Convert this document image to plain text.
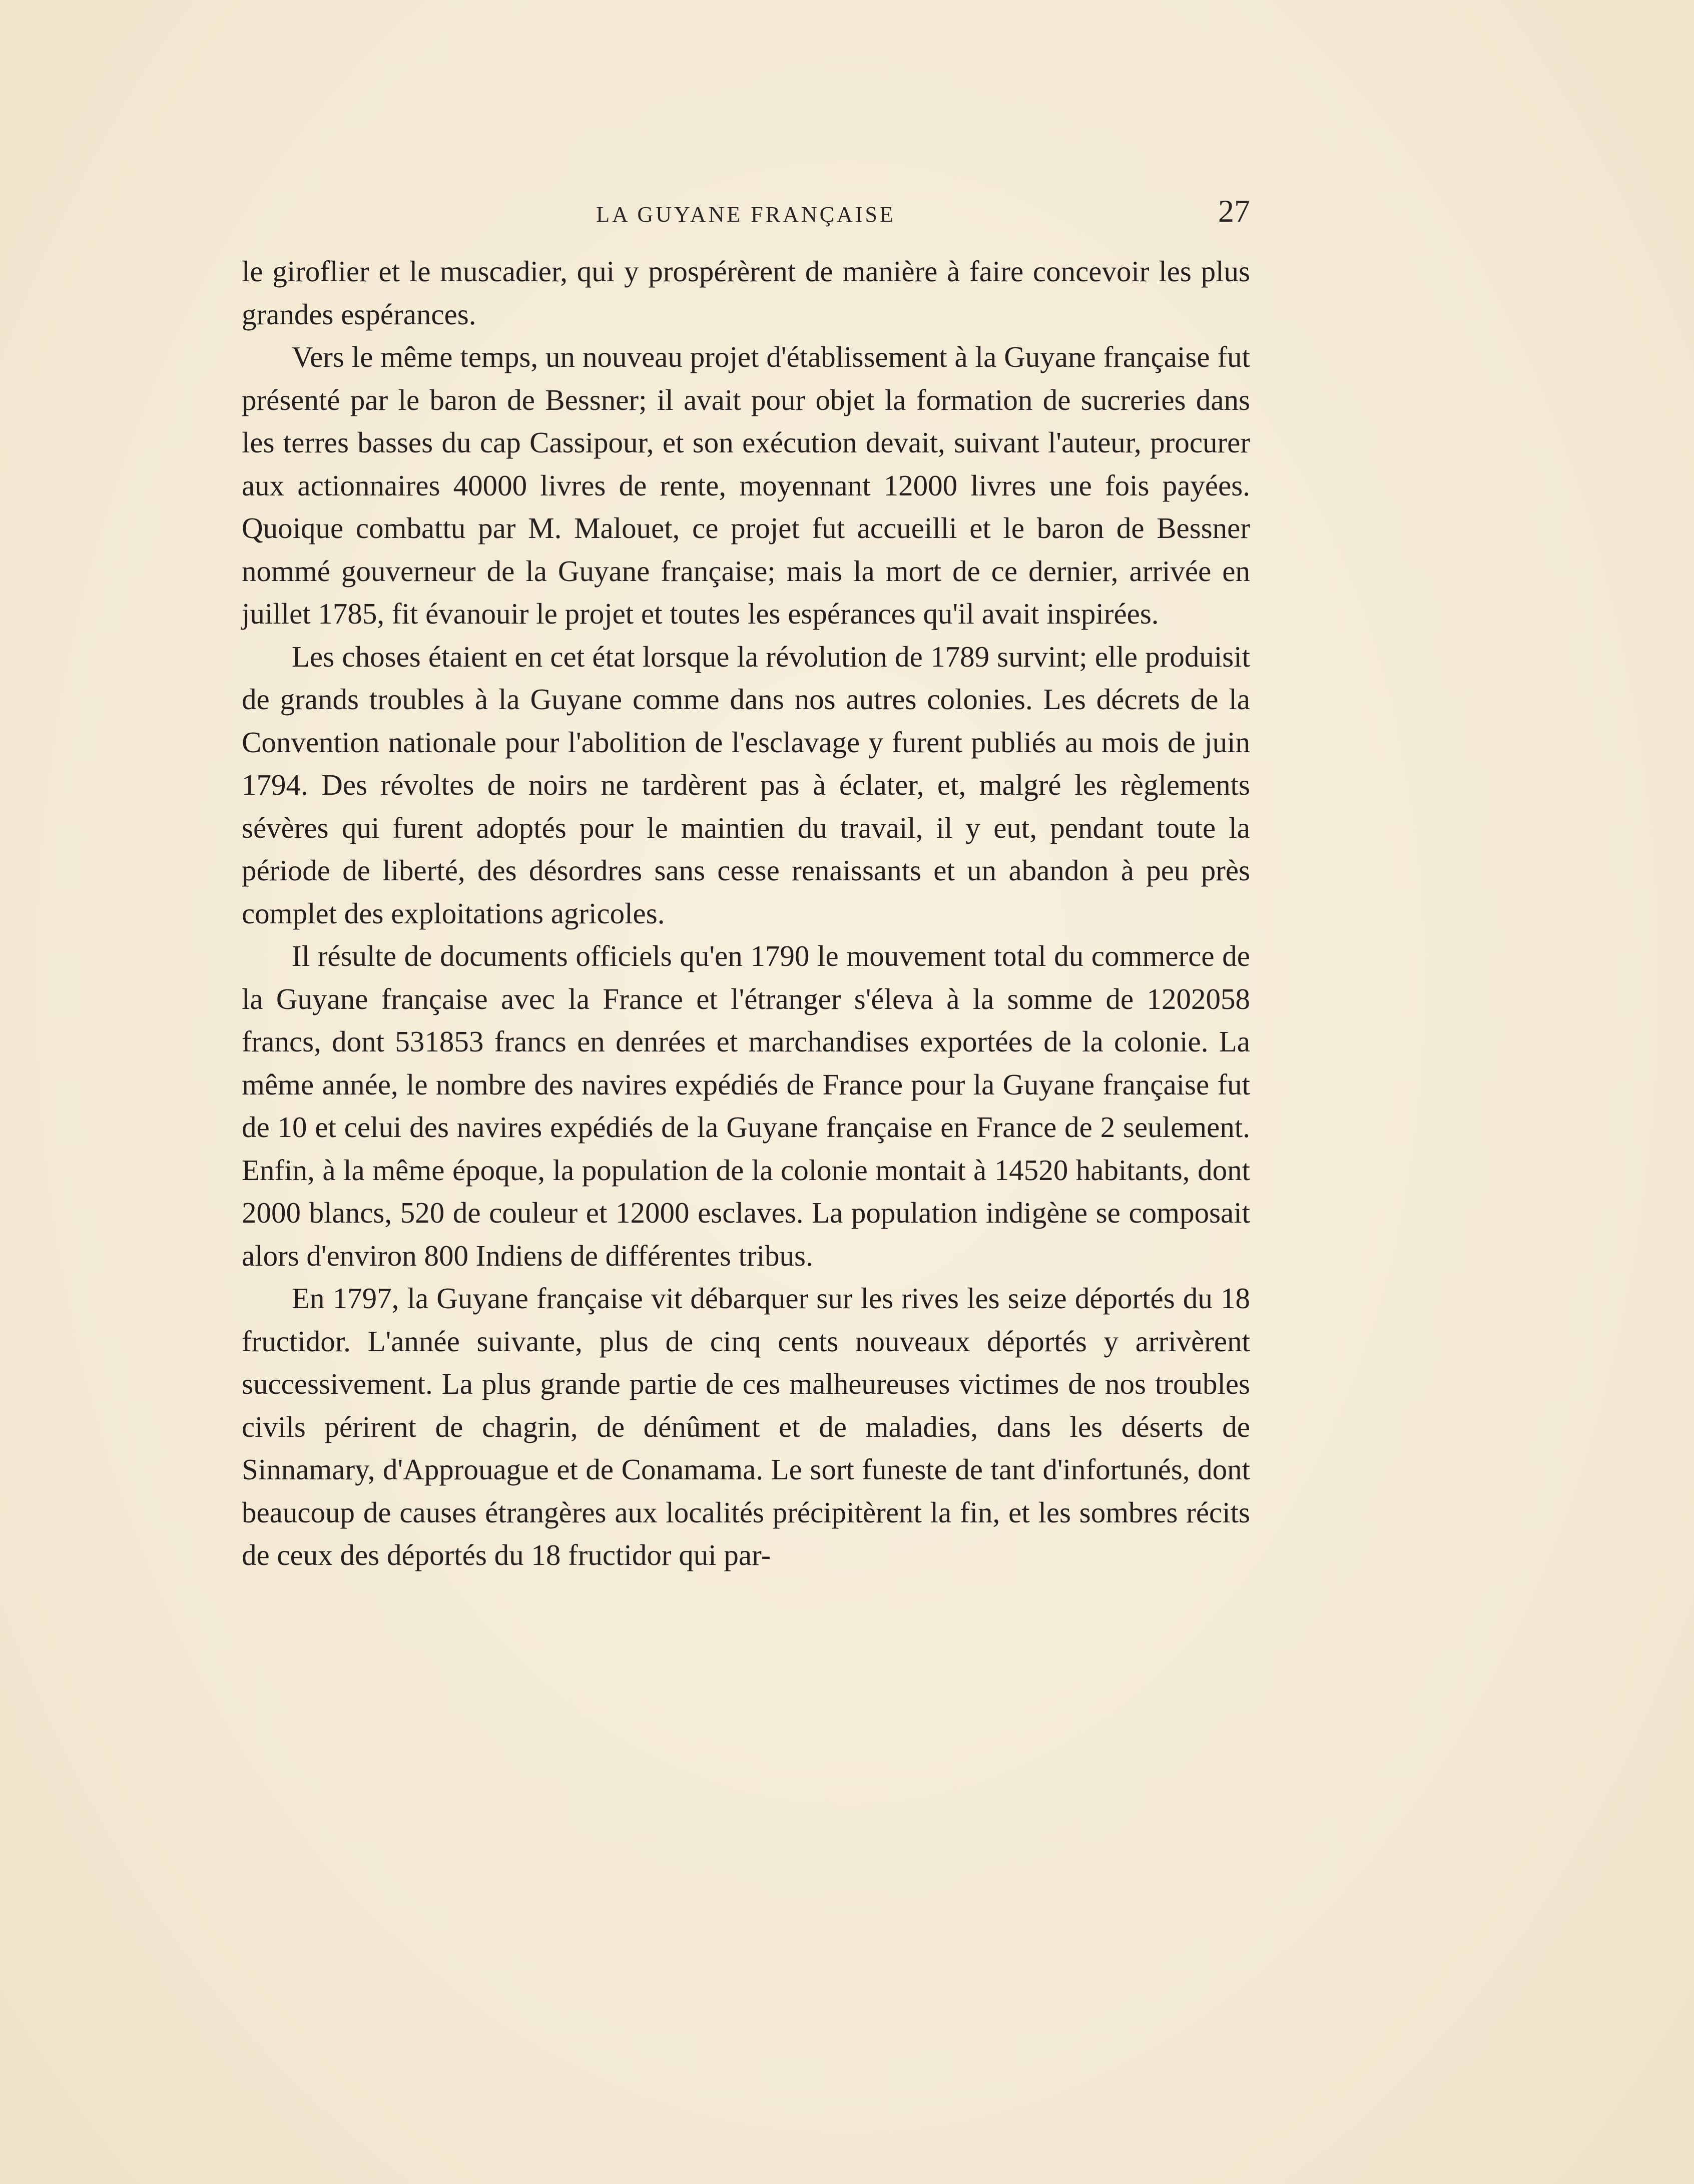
LA GUYANE FRANÇAISE	27

le giroflier et le muscadier, qui y prospérèrent de manière à faire concevoir les plus grandes espérances.

Vers le même temps, un nouveau projet d'établissement à la Guyane française fut présenté par le baron de Bessner; il avait pour objet la formation de sucreries dans les terres basses du cap Cassipour, et son exécution devait, suivant l'auteur, procurer aux actionnaires 40000 livres de rente, moyennant 12000 livres une fois payées. Quoique combattu par M. Malouet, ce projet fut accueilli et le baron de Bessner nommé gouverneur de la Guyane française; mais la mort de ce dernier, arrivée en juillet 1785, fit évanouir le projet et toutes les espérances qu'il avait inspirées.

Les choses étaient en cet état lorsque la révolution de 1789 survint; elle produisit de grands troubles à la Guyane comme dans nos autres colonies. Les décrets de la Convention nationale pour l'abolition de l'esclavage y furent publiés au mois de juin 1794. Des révoltes de noirs ne tardèrent pas à éclater, et, malgré les règlements sévères qui furent adoptés pour le maintien du travail, il y eut, pendant toute la période de liberté, des désordres sans cesse renaissants et un abandon à peu près complet des exploitations agricoles.

Il résulte de documents officiels qu'en 1790 le mouvement total du commerce de la Guyane française avec la France et l'étranger s'éleva à la somme de 1202058 francs, dont 531853 francs en denrées et marchandises exportées de la colonie. La même année, le nombre des navires expédiés de France pour la Guyane française fut de 10 et celui des navires expédiés de la Guyane française en France de 2 seulement. Enfin, à la même époque, la population de la colonie montait à 14520 habitants, dont 2000 blancs, 520 de couleur et 12000 esclaves. La population indigène se composait alors d'environ 800 Indiens de différentes tribus.

En 1797, la Guyane française vit débarquer sur les rives les seize déportés du 18 fructidor. L'année suivante, plus de cinq cents nouveaux déportés y arrivèrent successivement. La plus grande partie de ces malheureuses victimes de nos troubles civils périrent de chagrin, de dénûment et de maladies, dans les déserts de Sinnamary, d'Approuague et de Conamama. Le sort funeste de tant d'infortunés, dont beaucoup de causes étrangères aux localités précipitèrent la fin, et les sombres récits de ceux des déportés du 18 fructidor qui par-
